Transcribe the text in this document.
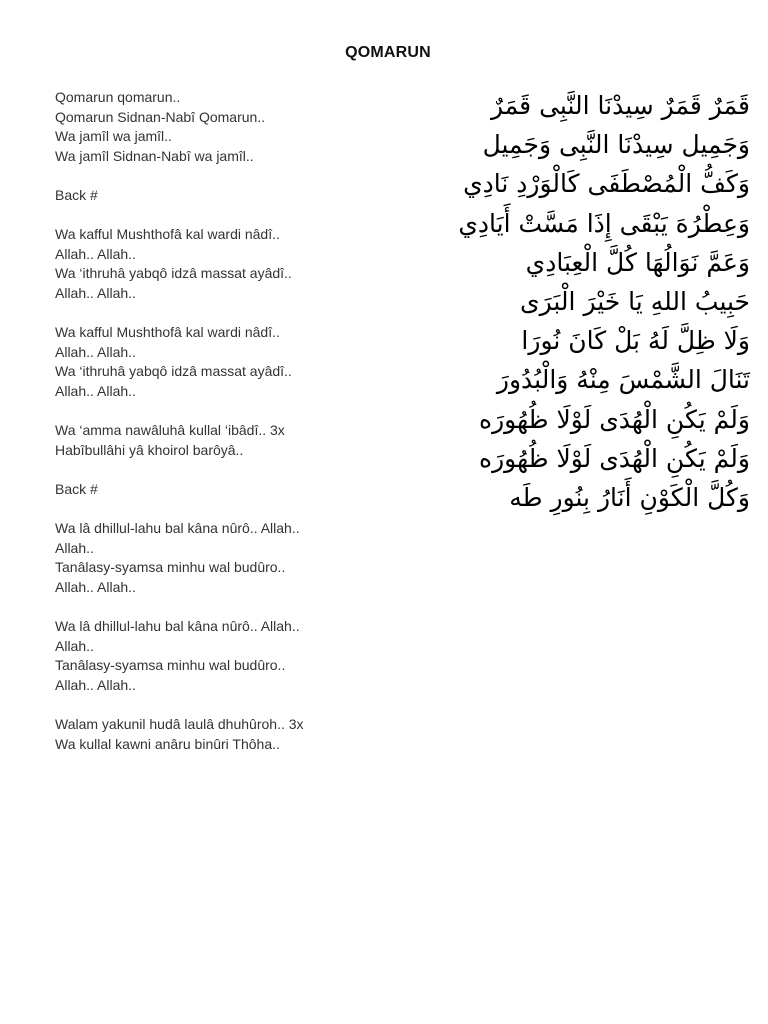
QOMARUN
Qomarun qomarun..
Qomarun Sidnan-Nabî Qomarun..
Wa jamîl wa jamîl..
Wa jamîl Sidnan-Nabî wa jamîl..
Back #
Wa kafful Mushthofâ kal wardi nâdî..
Allah.. Allah..
Wa ‘ithruhâ yabqô idzâ massat ayâdî..
Allah.. Allah..
Wa kafful Mushthofâ kal wardi nâdî..
Allah.. Allah..
Wa ‘ithruhâ yabqô idzâ massat ayâdî..
Allah.. Allah..
Wa ‘amma nawâluhâ kullal ‘ibâdî.. 3x
Habîbullâhi yâ khoirol barôyâ..
Back #
Wa lâ dhillul-lahu bal kâna nûrô.. Allah..
Allah..
Tanâlasy-syamsa minhu wal budûro..
Allah.. Allah..
Wa lâ dhillul-lahu bal kâna nûrô.. Allah..
Allah..
Tanâlasy-syamsa minhu wal budûro..
Allah.. Allah..
Walam yakunil hudâ laulâ dhuhûroh.. 3x
Wa kullal kawni anâru binûri Thôha..
قَمَرٌ قَمَرٌ سِيدْنَا النَّبِى قَمَرٌ
وَجَمِيل سِيدْنَا النَّبِى وَجَمِيل
وَكَفُّ الْمُصْطَفَى كَالْوَرْدِ نَادِي
وَعِطْرُهَ يَبْقَى إِذَا مَسَّتْ أَيَادِي
وَعَمَّ نَوَالُهَا كُلَّ الْعِبَادِي
حَبِيبُ اللهِ يَا خَيْرَ الْبَرَى
وَلَا ظِلَّ لَهُ بَلْ كَانَ نُورَا
تَنَالَ الشَّمْسَ مِنْهُ وَالْبُدُورَ
وَلَمْ يَكُنِ الْهُدَى لَوْلَا ظُهُورَه
وَلَمْ يَكُنِ الْهُدَى لَوْلَا ظُهُورَه
وَكُلَّ الْكَوْنِ أَنَارُ بِنُورِ طَه
